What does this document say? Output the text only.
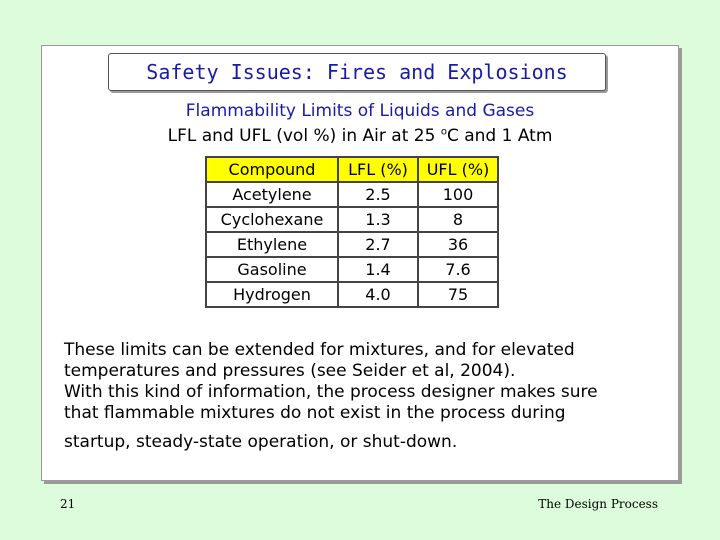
Safety Issues: Fires and Explosions
Flammability Limits of Liquids and Gases
LFL and UFL (vol %) in Air at 25 $^o$C and 1 Atm
Compound	LFL (%)	UFL (%)
Acetylene	2.5	100
Cyclohexane	1.3	8
Ethylene	2.7	36
Gasoline	1.4	7.6
Hydrogen	4.0	75

These limits can be extended for mixtures, and for elevated

temperatures and pressures (see Seider et al, 2004).

With this kind of information, the process designer makes sure

that flammable mixtures do not exist in the process during

startup, steady-state operation, or shut-down.

21	The Design Process
